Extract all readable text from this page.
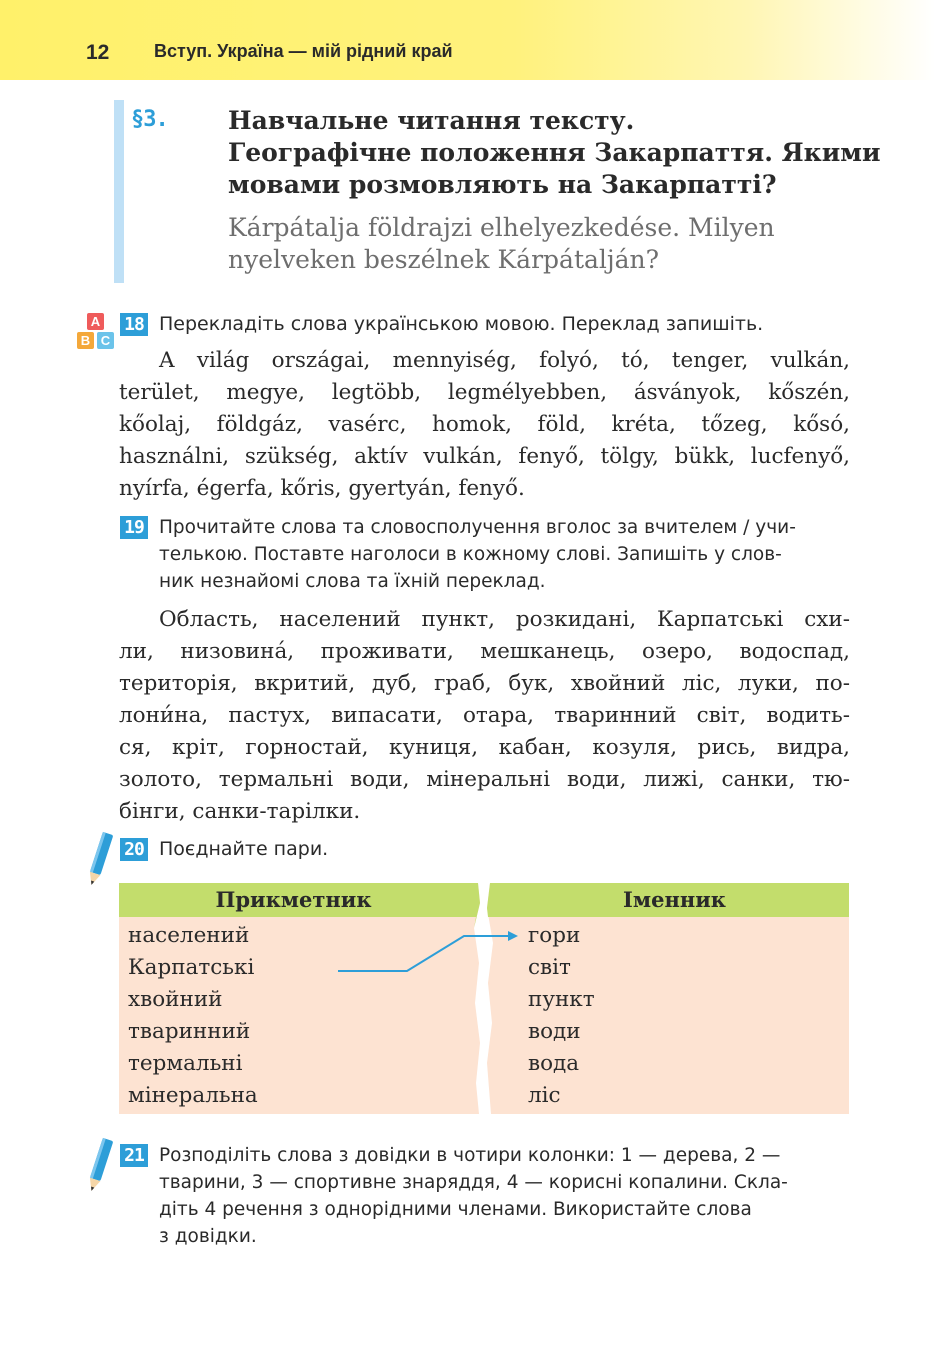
12 Вступ. Україна — мій рідний край
§3. Навчальне читання тексту.
Географічне положення Закарпаття. Якими
мовами розмовляють на Закарпатті?
Kárpátalja földrajzi elhelyezkedése. Milyen
nyelveken beszélnek Kárpátalján?
A
B C
18 Перекладіть слова українською мовою. Переклад запишіть.
A világ országai, mennyiség, folyó, tó, tenger, vulkán,
terület, megye, legtöbb, legmélyebben, ásványok, kőszén,
kőolaj, földgáz, vasérc, homok, föld, kréta, tőzeg, kősó,
használni, szükség, aktív vulkán, fenyő, tölgy, bükk, lucfenyő,
nyírfa, égerfa, kőris, gyertyán, fenyő.
19 Прочитайте слова та словосполучення вголос за вчителем / учи-
телькою. Поставте наголоси в кожному слові. Запишіть у слов-
ник незнайомі слова та їхній переклад.
Область, населений пункт, розкидані, Карпатські схи-
ли, низовина́, проживати, мешканець, озеро, водоспад,
територія, вкритий, дуб, граб, бук, хвойний ліс, луки, по-
лони́на, пастух, випасати, отара, тваринний світ, водить-
ся, кріт, горностай, куниця, кабан, козуля, рись, видра,
золото, термальні води, мінеральні води, лижі, санки, тю-
бінги, санки-тарілки.
20 Поєднайте пари.
Прикметник	Іменник
населений
Карпатські
хвойний
тваринний
термальні
мінеральна
гори
світ
пункт
води
вода
ліс
21 Розподіліть слова з довідки в чотири колонки: 1 — дерева, 2 —
тварини, 3 — спортивне знаряддя, 4 — корисні копалини. Скла-
діть 4 речення з однорідними членами. Використайте слова
з довідки.
